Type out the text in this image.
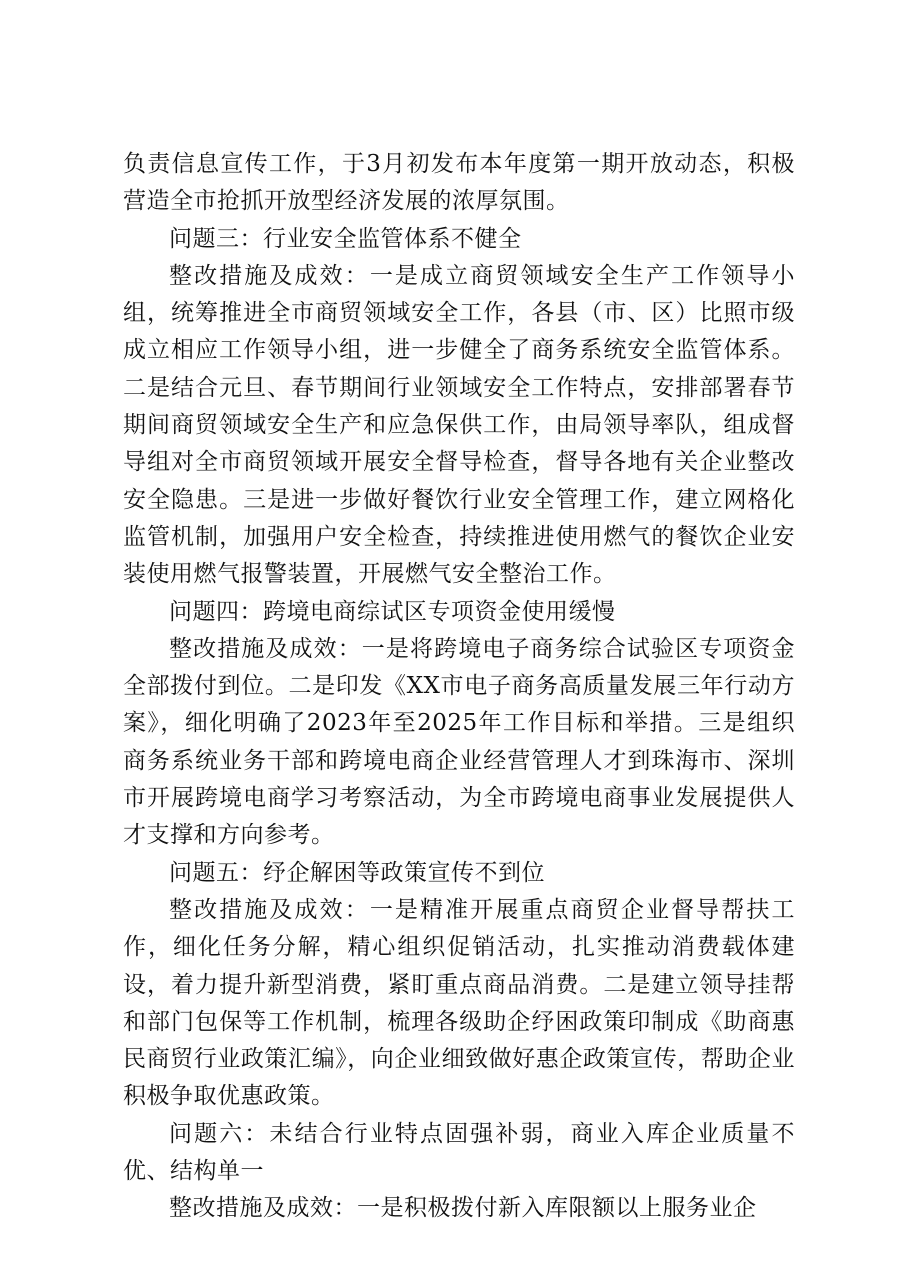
负责信息宣传工作，于3月初发布本年度第一期开放动态，积极营造全市抢抓开放型经济发展的浓厚氛围。

问题三：行业安全监管体系不健全

整改措施及成效：一是成立商贸领域安全生产工作领导小组，统筹推进全市商贸领域安全工作，各县（市、区）比照市级成立相应工作领导小组，进一步健全了商务系统安全监管体系。二是结合元旦、春节期间行业领域安全工作特点，安排部署春节期间商贸领域安全生产和应急保供工作，由局领导率队，组成督导组对全市商贸领域开展安全督导检查，督导各地有关企业整改安全隐患。三是进一步做好餐饮行业安全管理工作，建立网格化监管机制，加强用户安全检查，持续推进使用燃气的餐饮企业安装使用燃气报警装置，开展燃气安全整治工作。

问题四：跨境电商综试区专项资金使用缓慢

整改措施及成效：一是将跨境电子商务综合试验区专项资金全部拨付到位。二是印发《XX市电子商务高质量发展三年行动方案》，细化明确了2023年至2025年工作目标和举措。三是组织商务系统业务干部和跨境电商企业经营管理人才到珠海市、深圳市开展跨境电商学习考察活动，为全市跨境电商事业发展提供人才支撑和方向参考。

问题五：纾企解困等政策宣传不到位

整改措施及成效：一是精准开展重点商贸企业督导帮扶工作，细化任务分解，精心组织促销活动，扎实推动消费载体建设，着力提升新型消费，紧盯重点商品消费。二是建立领导挂帮和部门包保等工作机制，梳理各级助企纾困政策印制成《助商惠民商贸行业政策汇编》，向企业细致做好惠企政策宣传，帮助企业积极争取优惠政策。

问题六：未结合行业特点固强补弱，商业入库企业质量不优、结构单一

整改措施及成效：一是积极拨付新入库限额以上服务业企
